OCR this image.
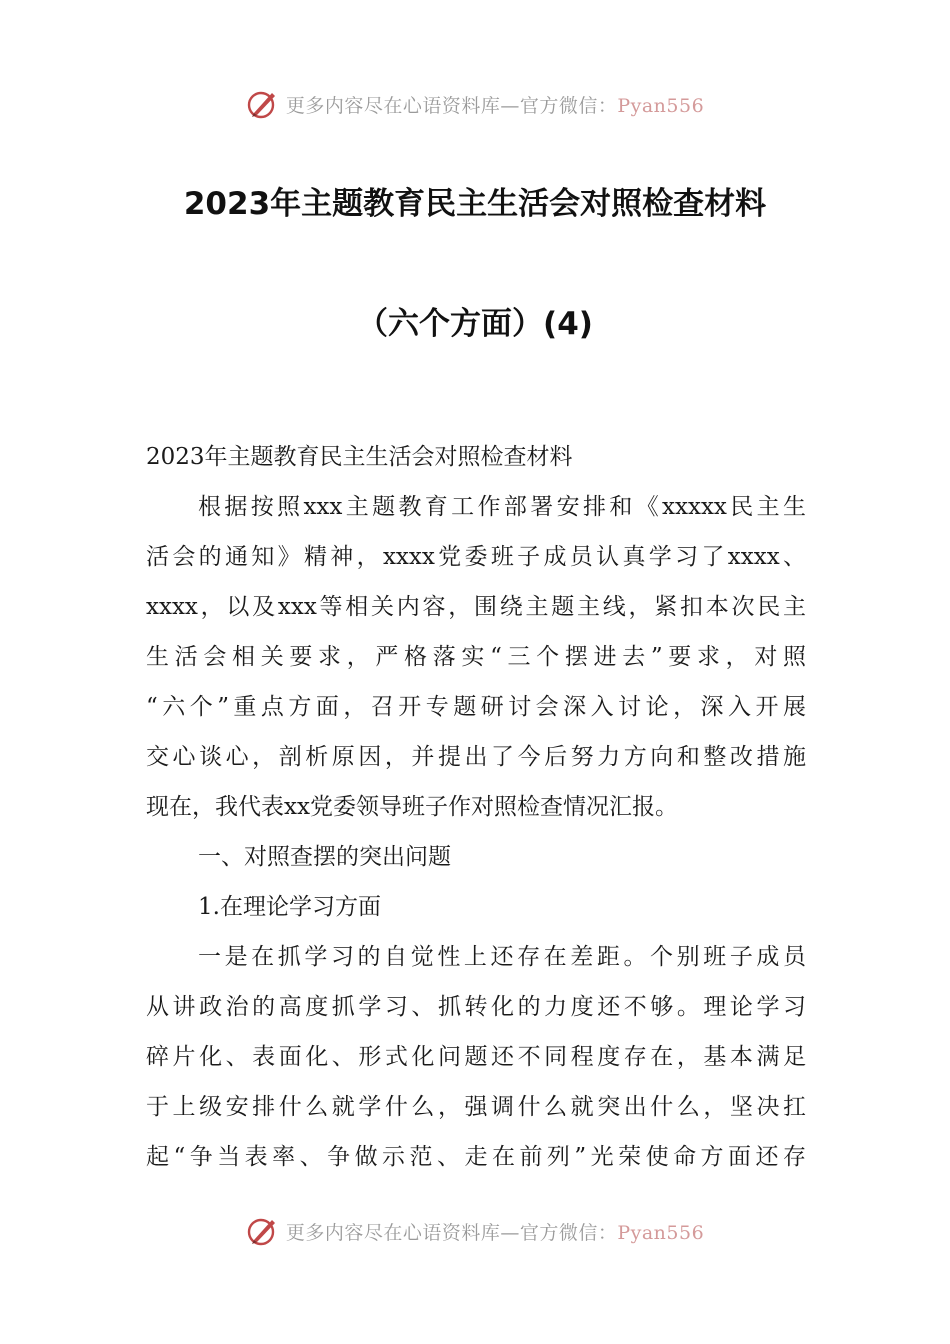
更多内容尽在心语资料库—官方微信：Pyan556
2023年主题教育民主生活会对照检查材料
（六个方面）(4)
2023年主题教育民主生活会对照检查材料
根据按照xxx主题教育工作部署安排和《xxxxx民主生
活会的通知》精神，xxxx党委班子成员认真学习了xxxx、
xxxx，以及xxx等相关内容，围绕主题主线，紧扣本次民主
生活会相关要求，严格落实“三个摆进去”要求，对照
“六个”重点方面，召开专题研讨会深入讨论，深入开展
交心谈心，剖析原因，并提出了今后努力方向和整改措施
现在，我代表xx党委领导班子作对照检查情况汇报。
一、对照查摆的突出问题
1.在理论学习方面
一是在抓学习的自觉性上还存在差距。个别班子成员
从讲政治的高度抓学习、抓转化的力度还不够。理论学习
碎片化、表面化、形式化问题还不同程度存在，基本满足
于上级安排什么就学什么，强调什么就突出什么，坚决扛
起“争当表率、争做示范、走在前列”光荣使命方面还存
更多内容尽在心语资料库—官方微信：Pyan556
